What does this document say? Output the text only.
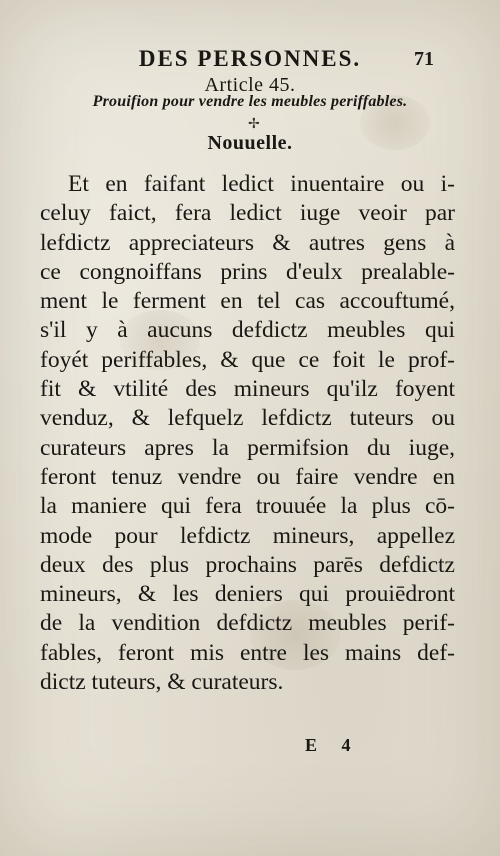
DES PERSONNES.	71
Article 45.
Prouifion pour vendre les meubles periffables.
✢
Nouuelle.
Et en faifant ledict inuentaire ou i-
celuy faict, fera ledict iuge veoir par
lefdictz appreciateurs & autres gens à
ce congnoiffans prins d'eulx prealable-
ment le ferment en tel cas accouftumé,
s'il y à aucuns defdictz meubles qui
foyét periffables, & que ce foit le prof-
fit & vtilité des mineurs qu'ilz foyent
venduz, & lefquelz lefdictz tuteurs ou
curateurs apres la permifsion du iuge,
feront tenuz vendre ou faire vendre en
la maniere qui fera trouuée la plus cō-
mode pour lefdictz mineurs, appellez
deux des plus prochains parēs defdictz
mineurs, & les deniers qui prouiēdront
de la vendition defdictz meubles perif-
fables, feront mis entre les mains def-
dictz tuteurs, & curateurs.
E 4
